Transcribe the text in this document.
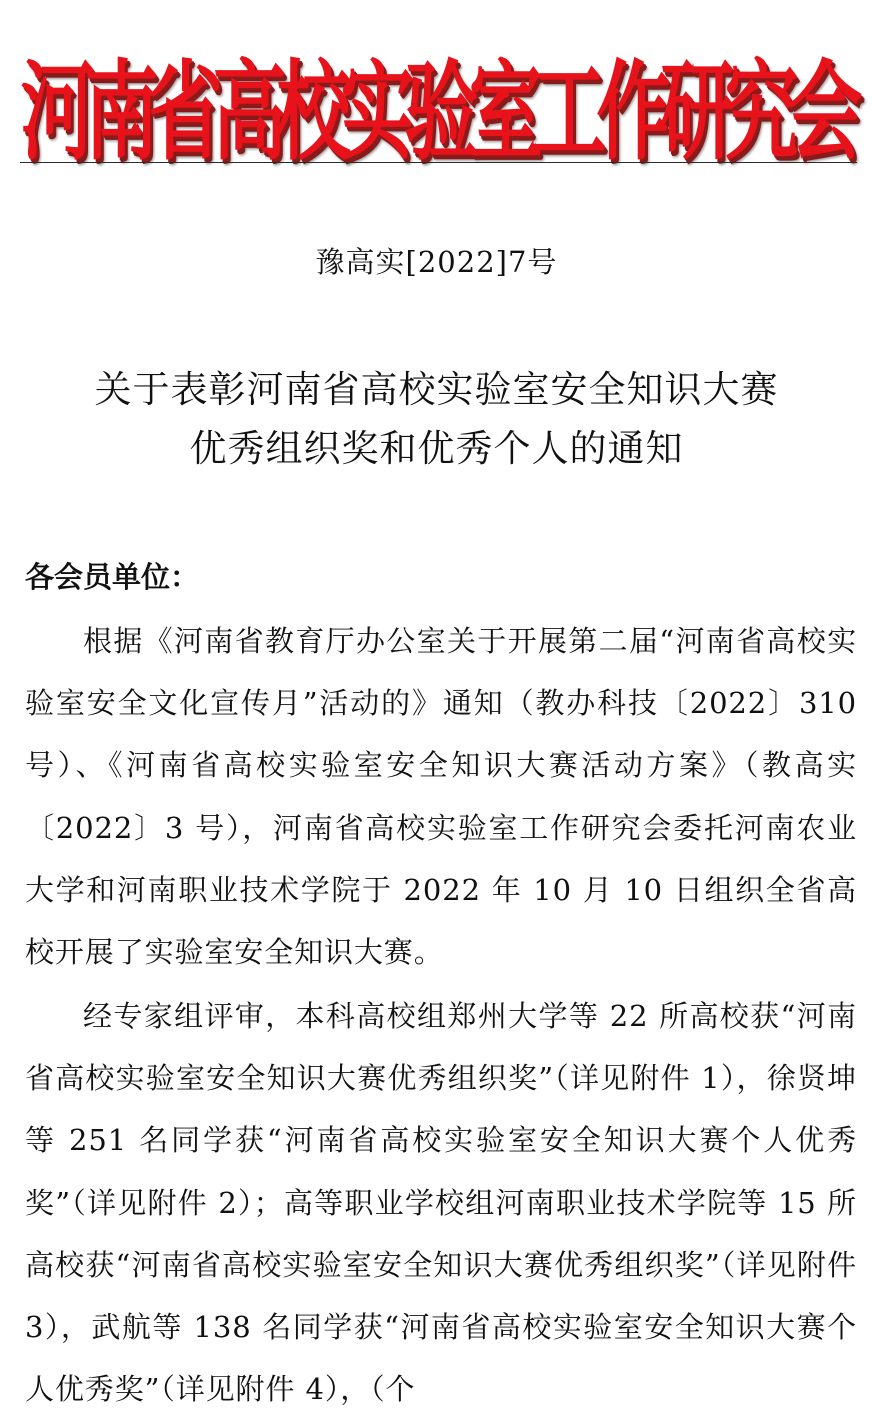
河南省高校实验室工作研究会
豫高实[2022]7号
关于表彰河南省高校实验室安全知识大赛
优秀组织奖和优秀个人的通知
各会员单位：

根据《河南省教育厅办公室关于开展第二届“河南省高校实验室安全文化宣传月”活动的》通知（教办科技〔2022〕310 号）、《河南省高校实验室安全知识大赛活动方案》（教高实〔2022〕3 号），河南省高校实验室工作研究会委托河南农业大学和河南职业技术学院于 2022 年 10 月 10 日组织全省高校开展了实验室安全知识大赛。

经专家组评审，本科高校组郑州大学等 22 所高校获“河南省高校实验室安全知识大赛优秀组织奖”（详见附件 1），徐贤坤等 251 名同学获“河南省高校实验室安全知识大赛个人优秀奖”（详见附件 2）；高等职业学校组河南职业技术学院等 15 所高校获“河南省高校实验室安全知识大赛优秀组织奖”（详见附件 3），武航等 138 名同学获“河南省高校实验室安全知识大赛个人优秀奖”（详见附件 4），（个
